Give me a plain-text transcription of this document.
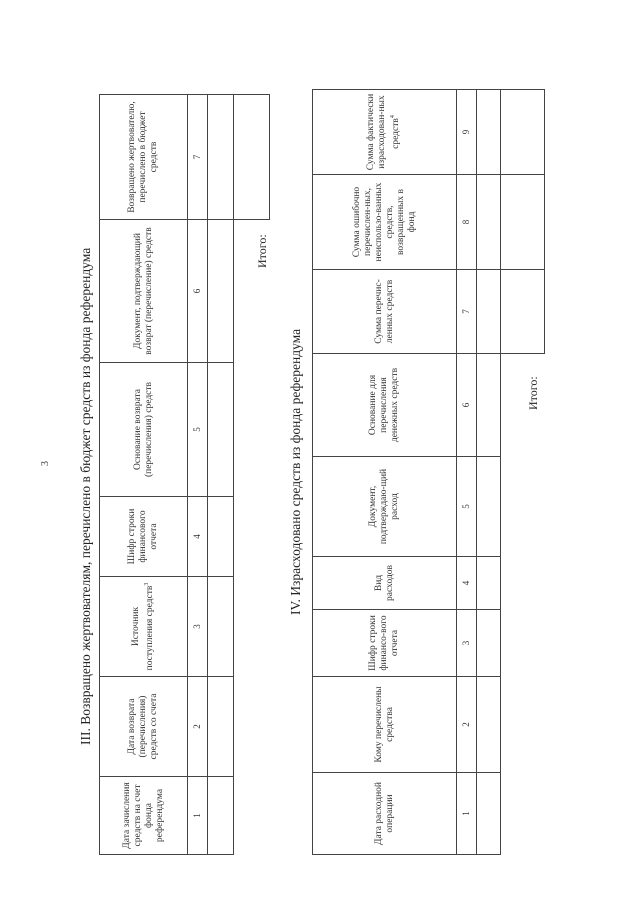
3 III. Возвращено жертвователям, перечислено в бюджет средств из фонда референдума
Дата зачисления средств на счет фонда референдума	Дата возврата (перечисления) средств со счета	Источник поступления средств$^3$	Шифр строки финансового отчета	Основание возврата (перечисления) средств	Документ, подтверждающий возврат (перечисление) средств	Возвращено жертвователю, перечислено в бюджет средств
1	2	3	4	5	6	7

Итого:
IV. Израсходовано средств из фонда референдума
Дата расходной операции	Кому перечислены средства	Шифр строки финансо-вого отчета	Вид расходов	Документ, подтверждаю-щий расход	Основание для перечисления денежных средств	Сумма перечис-ленных средств	Сумма ошибочно перечислен-ных, неиспользо-ванных средств, возвращенных в фонд	Сумма фактически израсходован-ных средств$^4$
1	2	3	4	5	6	7	8	9

Итого:
